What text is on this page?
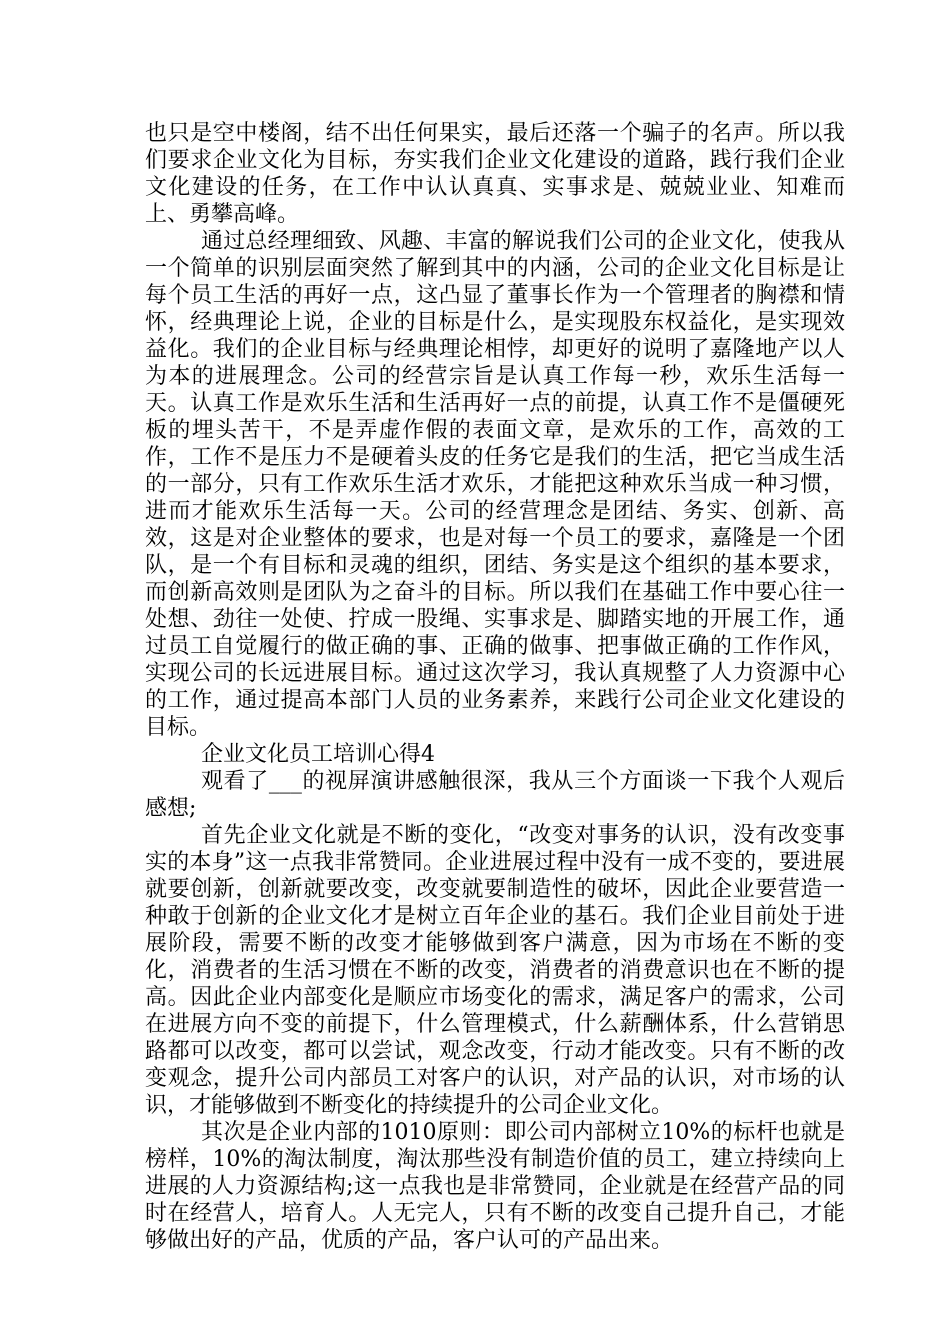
也只是空中楼阁，结不出任何果实，最后还落一个骗子的名声。所以我们要求企业文化为目标，夯实我们企业文化建设的道路，践行我们企业文化建设的任务，在工作中认认真真、实事求是、兢兢业业、知难而上、勇攀高峰。

通过总经理细致、风趣、丰富的解说我们公司的企业文化，使我从一个简单的识别层面突然了解到其中的内涵，公司的企业文化目标是让每个员工生活的再好一点，这凸显了董事长作为一个管理者的胸襟和情怀，经典理论上说，企业的目标是什么，是实现股东权益化，是实现效益化。我们的企业目标与经典理论相悖，却更好的说明了嘉隆地产以人为本的进展理念。公司的经营宗旨是认真工作每一秒，欢乐生活每一天。认真工作是欢乐生活和生活再好一点的前提，认真工作不是僵硬死板的埋头苦干，不是弄虚作假的表面文章，是欢乐的工作，高效的工作，工作不是压力不是硬着头皮的任务它是我们的生活，把它当成生活的一部分，只有工作欢乐生活才欢乐，才能把这种欢乐当成一种习惯，进而才能欢乐生活每一天。公司的经营理念是团结、务实、创新、高效，这是对企业整体的要求，也是对每一个员工的要求，嘉隆是一个团队，是一个有目标和灵魂的组织，团结、务实是这个组织的基本要求，而创新高效则是团队为之奋斗的目标。所以我们在基础工作中要心往一处想、劲往一处使、拧成一股绳、实事求是、脚踏实地的开展工作，通过员工自觉履行的做正确的事、正确的做事、把事做正确的工作作风，实现公司的长远进展目标。通过这次学习，我认真规整了人力资源中心的工作，通过提高本部门人员的业务素养，来践行公司企业文化建设的目标。

企业文化员工培训心得4

观看了___的视屏演讲感触很深，我从三个方面谈一下我个人观后感想;

首先企业文化就是不断的变化，“改变对事务的认识，没有改变事实的本身”这一点我非常赞同。企业进展过程中没有一成不变的，要进展就要创新，创新就要改变，改变就要制造性的破坏，因此企业要营造一种敢于创新的企业文化才是树立百年企业的基石。我们企业目前处于进展阶段，需要不断的改变才能够做到客户满意，因为市场在不断的变化，消费者的生活习惯在不断的改变，消费者的消费意识也在不断的提高。因此企业内部变化是顺应市场变化的需求，满足客户的需求，公司在进展方向不变的前提下，什么管理模式，什么薪酬体系，什么营销思路都可以改变，都可以尝试，观念改变，行动才能改变。只有不断的改变观念，提升公司内部员工对客户的认识，对产品的认识，对市场的认识，才能够做到不断变化的持续提升的公司企业文化。

其次是企业内部的1010原则：即公司内部树立10%的标杆也就是榜样，10%的淘汰制度，淘汰那些没有制造价值的员工，建立持续向上进展的人力资源结构;这一点我也是非常赞同，企业就是在经营产品的同时在经营人，培育人。人无完人，只有不断的改变自己提升自己，才能够做出好的产品，优质的产品，客户认可的产品出来。
